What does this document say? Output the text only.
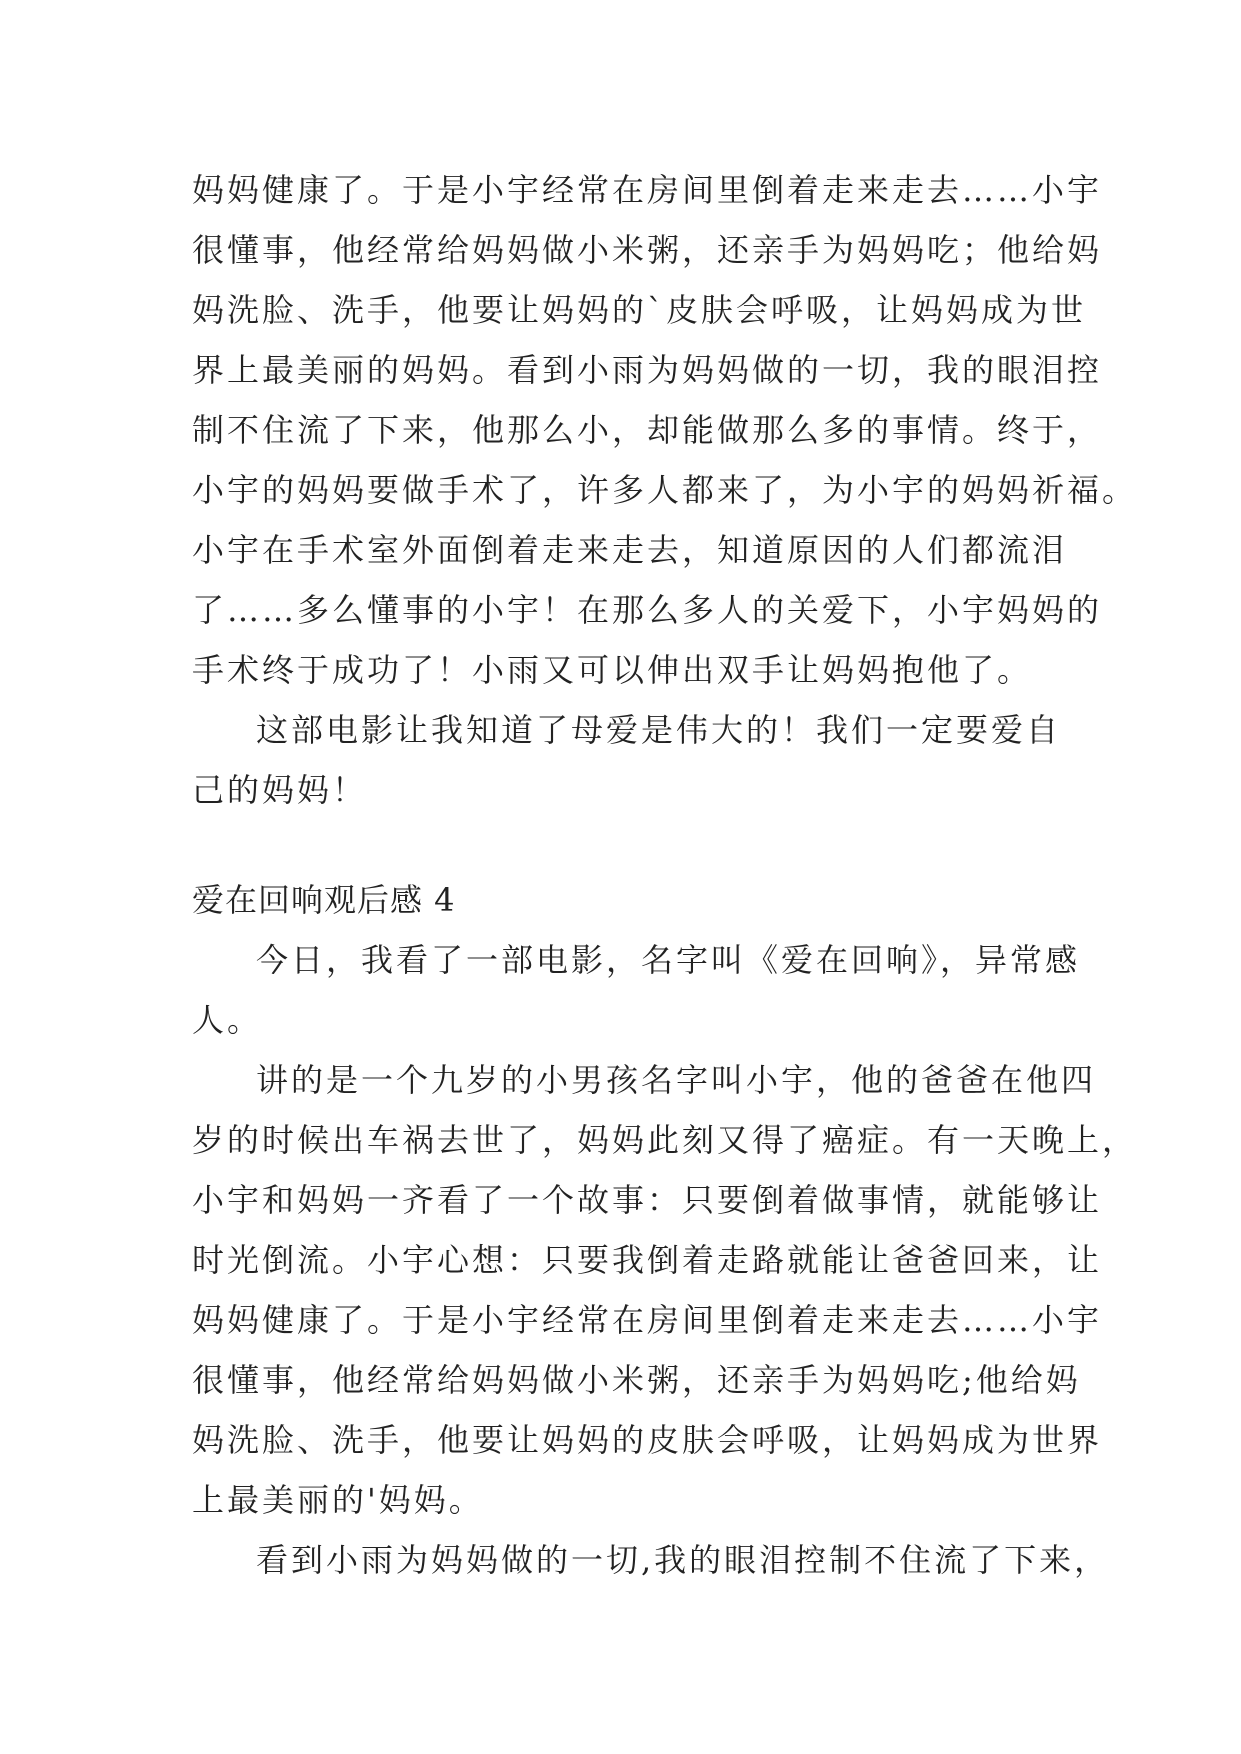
妈妈健康了。于是小宇经常在房间里倒着走来走去……小宇
很懂事，他经常给妈妈做小米粥，还亲手为妈妈吃；他给妈
妈洗脸、洗手，他要让妈妈的`皮肤会呼吸，让妈妈成为世
界上最美丽的妈妈。看到小雨为妈妈做的一切，我的眼泪控
制不住流了下来，他那么小，却能做那么多的事情。终于，
小宇的妈妈要做手术了，许多人都来了，为小宇的妈妈祈福。
小宇在手术室外面倒着走来走去，知道原因的人们都流泪
了……多么懂事的小宇！在那么多人的关爱下，小宇妈妈的
手术终于成功了！小雨又可以伸出双手让妈妈抱他了。
这部电影让我知道了母爱是伟大的！我们一定要爱自
己的妈妈！
爱在回响观后感 4
今日，我看了一部电影，名字叫《爱在回响》，异常感
人。
讲的是一个九岁的小男孩名字叫小宇，他的爸爸在他四
岁的时候出车祸去世了，妈妈此刻又得了癌症。有一天晚上，
小宇和妈妈一齐看了一个故事：只要倒着做事情，就能够让
时光倒流。小宇心想：只要我倒着走路就能让爸爸回来，让
妈妈健康了。于是小宇经常在房间里倒着走来走去……小宇
很懂事，他经常给妈妈做小米粥，还亲手为妈妈吃;他给妈
妈洗脸、洗手，他要让妈妈的皮肤会呼吸，让妈妈成为世界
上最美丽的'妈妈。
看到小雨为妈妈做的一切,我的眼泪控制不住流了下来，
